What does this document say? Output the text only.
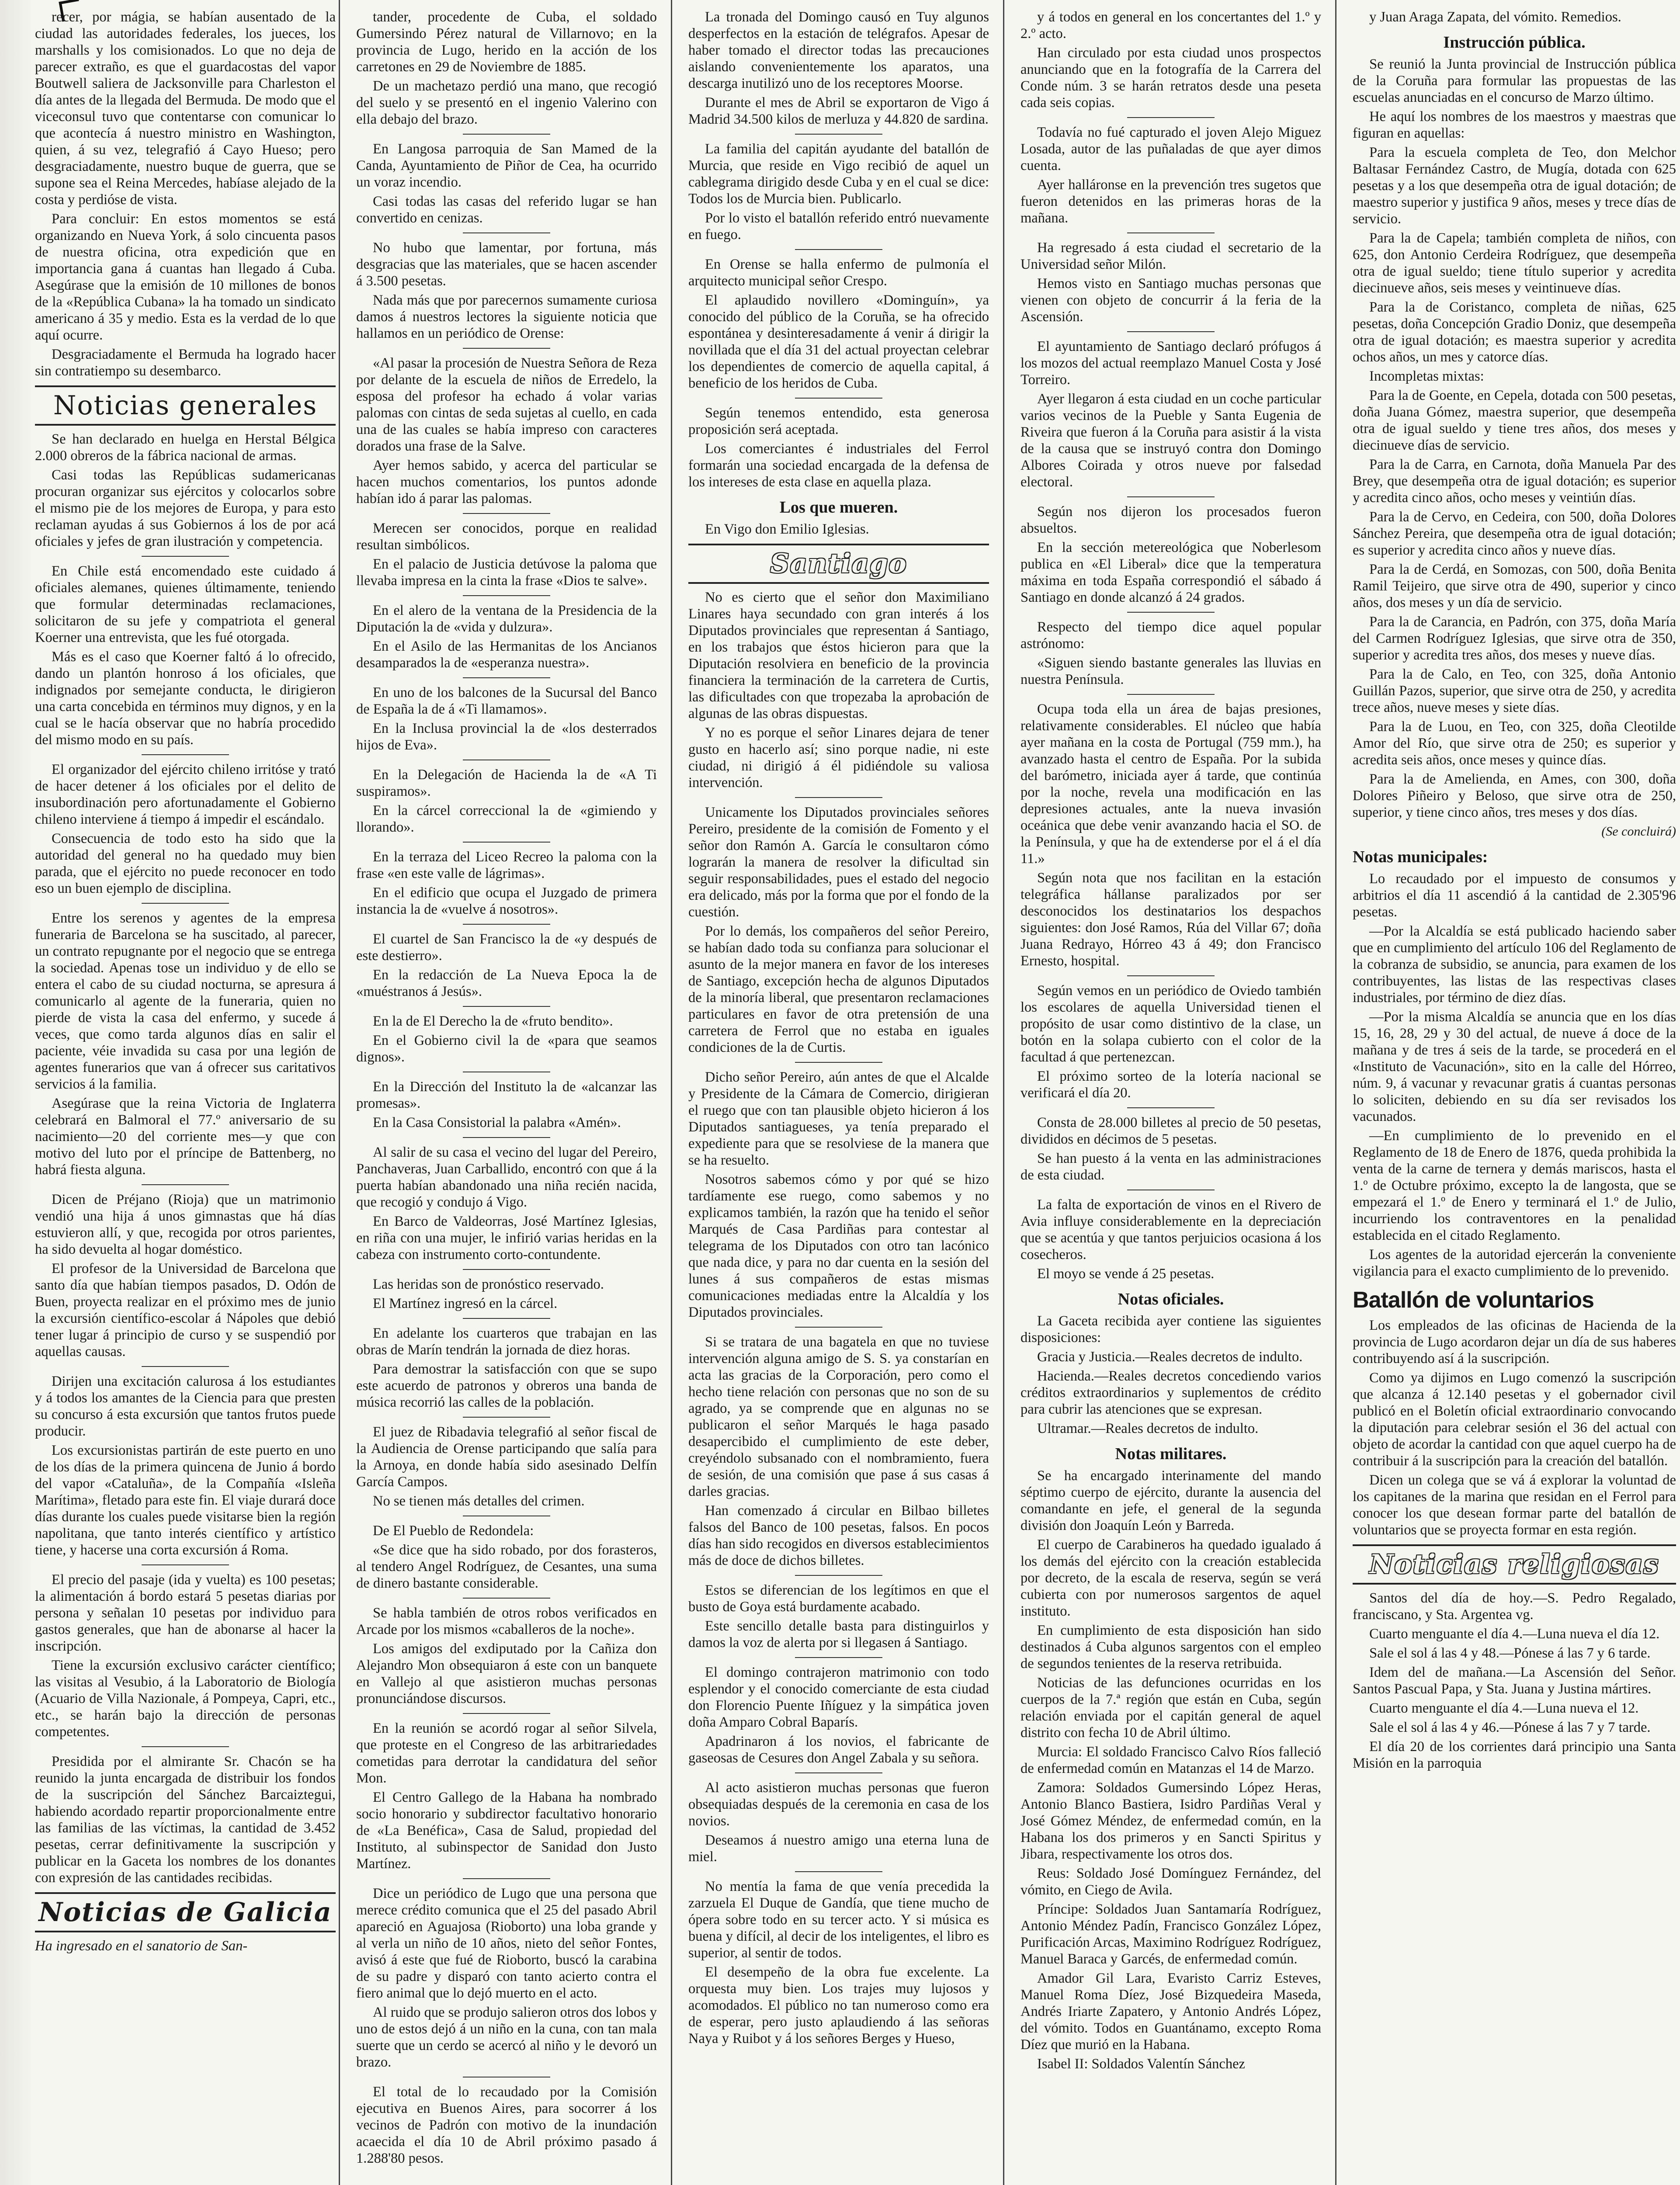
recer, por mágia, se habían ausentado de la ciudad las autoridades federales, los jueces, los marshalls y los comisionados. Lo que no deja de parecer extraño, es que el guardacostas del vapor Boutwell saliera de Jacksonville para Charleston el día antes de la llegada del Bermuda. De modo que el viceconsul tuvo que contentarse con comunicar lo que acontecía á nuestro ministro en Washington, quien, á su vez, telegrafió á Cayo Hueso; pero desgraciadamente, nuestro buque de guerra, que se supone sea el Reina Mercedes, habíase alejado de la costa y perdióse de vista.

Para concluir: En estos momentos se está organizando en Nueva York, á solo cincuenta pasos de nuestra oficina, otra expedición que en importancia gana á cuantas han llegado á Cuba. Asegúrase que la emisión de 10 millones de bonos de la «República Cubana» la ha tomado un sindicato americano á 35 y medio. Esta es la verdad de lo que aquí ocurre.

Desgraciadamente el Bermuda ha logrado hacer sin contratiempo su desembarco.

Noticias generales

Se han declarado en huelga en Herstal Bélgica 2.000 obreros de la fábrica nacional de armas.

Casi todas las Repúblicas sudamericanas procuran organizar sus ejércitos y colocarlos sobre el mismo pie de los mejores de Europa, y para esto reclaman ayudas á sus Gobiernos á los de por acá oficiales y jefes de gran ilustración y competencia.

En Chile está encomendado este cuidado á oficiales alemanes, quienes últimamente, teniendo que formular determinadas reclamaciones, solicitaron de su jefe y compatriota el general Koerner una entrevista, que les fué otorgada.

Más es el caso que Koerner faltó á lo ofrecido, dando un plantón honroso á los oficiales, que indignados por semejante conducta, le dirigieron una carta concebida en términos muy dignos, y en la cual se le hacía observar que no habría procedido del mismo modo en su país.

El organizador del ejército chileno irritóse y trató de hacer detener á los oficiales por el delito de insubordinación pero afortunadamente el Gobierno chileno interviene á tiempo á impedir el escándalo.

Consecuencia de todo esto ha sido que la autoridad del general no ha quedado muy bien parada, que el ejército no puede reconocer en todo eso un buen ejemplo de disciplina.

Entre los serenos y agentes de la empresa funeraria de Barcelona se ha suscitado, al parecer, un contrato repugnante por el negocio que se entrega la sociedad. Apenas tose un individuo y de ello se entera el cabo de su ciudad nocturna, se apresura á comunicarlo al agente de la funeraria, quien no pierde de vista la casa del enfermo, y sucede á veces, que como tarda algunos días en salir el paciente, véie invadida su casa por una legión de agentes funerarios que van á ofrecer sus caritativos servicios á la familia.

Asegúrase que la reina Victoria de Inglaterra celebrará en Balmoral el 77.º aniversario de su nacimiento—20 del corriente mes—y que con motivo del luto por el príncipe de Battenberg, no habrá fiesta alguna.

Dicen de Préjano (Rioja) que un matrimonio vendió una hija á unos gimnastas que há días estuvieron allí, y que, recogida por otros parientes, ha sido devuelta al hogar doméstico.

El profesor de la Universidad de Barcelona que santo día que habían tiempos pasados, D. Odón de Buen, proyecta realizar en el próximo mes de junio la excursión científico-escolar á Nápoles que debió tener lugar á principio de curso y se suspendió por aquellas causas.

Dirijen una excitación calurosa á los estudiantes y á todos los amantes de la Ciencia para que presten su concurso á esta excursión que tantos frutos puede producir.

Los excursionistas partirán de este puerto en uno de los días de la primera quincena de Junio á bordo del vapor «Cataluña», de la Compañía «Isleña Marítima», fletado para este fin. El viaje durará doce días durante los cuales puede visitarse bien la región napolitana, que tanto interés científico y artístico tiene, y hacerse una corta excursión á Roma.

El precio del pasaje (ida y vuelta) es 100 pesetas; la alimentación á bordo estará 5 pesetas diarias por persona y señalan 10 pesetas por individuo para gastos generales, que han de abonarse al hacer la inscripción.

Tiene la excursión exclusivo carácter científico; las visitas al Vesubio, á la Laboratorio de Biología (Acuario de Villa Nazionale, á Pompeya, Capri, etc., etc., se harán bajo la dirección de personas competentes.

Presidida por el almirante Sr. Chacón se ha reunido la junta encargada de distribuir los fondos de la suscripción del Sánchez Barcaiztegui, habiendo acordado repartir proporcionalmente entre las familias de las víctimas, la cantidad de 3.452 pesetas, cerrar definitivamente la suscripción y publicar en la Gaceta los nombres de los donantes con expresión de las cantidades recibidas.

Noticias de Galicia

Ha ingresado en el sanatorio de San-

tander, procedente de Cuba, el soldado Gumersindo Pérez natural de Villarnovo; en la provincia de Lugo, herido en la acción de los carretones en 29 de Noviembre de 1885.

De un machetazo perdió una mano, que recogió del suelo y se presentó en el ingenio Valerino con ella debajo del brazo.

En Langosa parroquia de San Mamed de la Canda, Ayuntamiento de Piñor de Cea, ha ocurrido un voraz incendio.

Casi todas las casas del referido lugar se han convertido en cenizas.

No hubo que lamentar, por fortuna, más desgracias que las materiales, que se hacen ascender á 3.500 pesetas.

Nada más que por parecernos sumamente curiosa damos á nuestros lectores la siguiente noticia que hallamos en un periódico de Orense:

«Al pasar la procesión de Nuestra Señora de Reza por delante de la escuela de niños de Erredelo, la esposa del profesor ha echado á volar varias palomas con cintas de seda sujetas al cuello, en cada una de las cuales se había impreso con caracteres dorados una frase de la Salve.

Ayer hemos sabido, y acerca del particular se hacen muchos comentarios, los puntos adonde habían ido á parar las palomas.

Merecen ser conocidos, porque en realidad resultan simbólicos.

En el palacio de Justicia detúvose la paloma que llevaba impresa en la cinta la frase «Dios te salve».

En el alero de la ventana de la Presidencia de la Diputación la de «vida y dulzura».

En el Asilo de las Hermanitas de los Ancianos desamparados la de «esperanza nuestra».

En uno de los balcones de la Sucursal del Banco de España la de á «Ti llamamos».

En la Inclusa provincial la de «los desterrados hijos de Eva».

En la Delegación de Hacienda la de «A Ti suspiramos».

En la cárcel correccional la de «gimiendo y llorando».

En la terraza del Liceo Recreo la paloma con la frase «en este valle de lágrimas».

En el edificio que ocupa el Juzgado de primera instancia la de «vuelve á nosotros».

El cuartel de San Francisco la de «y después de este destierro».

En la redacción de La Nueva Epoca la de «muéstranos á Jesús».

En la de El Derecho la de «fruto bendito».

En el Gobierno civil la de «para que seamos dignos».

En la Dirección del Instituto la de «alcanzar las promesas».

En la Casa Consistorial la palabra «Amén».

Al salir de su casa el vecino del lugar del Pereiro, Panchaveras, Juan Carballido, encontró con que á la puerta habían abandonado una niña recién nacida, que recogió y condujo á Vigo.

En Barco de Valdeorras, José Martínez Iglesias, en riña con una mujer, le infirió varias heridas en la cabeza con instrumento corto-contundente.

Las heridas son de pronóstico reservado.

El Martínez ingresó en la cárcel.

En adelante los cuarteros que trabajan en las obras de Marín tendrán la jornada de diez horas.

Para demostrar la satisfacción con que se supo este acuerdo de patronos y obreros una banda de música recorrió las calles de la población.

El juez de Ribadavia telegrafió al señor fiscal de la Audiencia de Orense participando que salía para la Arnoya, en donde había sido asesinado Delfín García Campos.

No se tienen más detalles del crimen.

De El Pueblo de Redondela:

«Se dice que ha sido robado, por dos forasteros, al tendero Angel Rodríguez, de Cesantes, una suma de dinero bastante considerable.

Se habla también de otros robos verificados en Arcade por los mismos «caballeros de la noche».

Los amigos del exdiputado por la Cañiza don Alejandro Mon obsequiaron á este con un banquete en Vallejo al que asistieron muchas personas pronunciándose discursos.

En la reunión se acordó rogar al señor Silvela, que proteste en el Congreso de las arbitrariedades cometidas para derrotar la candidatura del señor Mon.

El Centro Gallego de la Habana ha nombrado socio honorario y subdirector facultativo honorario de «La Benéfica», Casa de Salud, propiedad del Instituto, al subinspector de Sanidad don Justo Martínez.

Dice un periódico de Lugo que una persona que merece crédito comunica que el 25 del pasado Abril apareció en Aguajosa (Rioborto) una loba grande y al verla un niño de 10 años, nieto del señor Fontes, avisó á este que fué de Rioborto, buscó la carabina de su padre y disparó con tanto acierto contra el fiero animal que lo dejó muerto en el acto.

Al ruido que se produjo salieron otros dos lobos y uno de estos dejó á un niño en la cuna, con tan mala suerte que un cerdo se acercó al niño y le devoró un brazo.

El total de lo recaudado por la Comisión ejecutiva en Buenos Aires, para socorrer á los vecinos de Padrón con motivo de la inundación acaecida el día 10 de Abril próximo pasado á 1.288'80 pesos.

La tronada del Domingo causó en Tuy algunos desperfectos en la estación de telégrafos. Apesar de haber tomado el director todas las precauciones aislando convenientemente los aparatos, una descarga inutilizó uno de los receptores Moorse.

Durante el mes de Abril se exportaron de Vigo á Madrid 34.500 kilos de merluza y 44.820 de sardina.

La familia del capitán ayudante del batallón de Murcia, que reside en Vigo recibió de aquel un cablegrama dirigido desde Cuba y en el cual se dice: Todos los de Murcia bien. Publicarlo.

Por lo visto el batallón referido entró nuevamente en fuego.

En Orense se halla enfermo de pulmonía el arquitecto municipal señor Crespo.

El aplaudido novillero «Dominguín», ya conocido del público de la Coruña, se ha ofrecido espontánea y desinteresadamente á venir á dirigir la novillada que el día 31 del actual proyectan celebrar los dependientes de comercio de aquella capital, á beneficio de los heridos de Cuba.

Según tenemos entendido, esta generosa proposición será aceptada.

Los comerciantes é industriales del Ferrol formarán una sociedad encargada de la defensa de los intereses de esta clase en aquella plaza.

Los que mueren.

En Vigo don Emilio Iglesias.

Santiago

No es cierto que el señor don Maximiliano Linares haya secundado con gran interés á los Diputados provinciales que representan á Santiago, en los trabajos que éstos hicieron para que la Diputación resolviera en beneficio de la provincia financiera la terminación de la carretera de Curtis, las dificultades con que tropezaba la aprobación de algunas de las obras dispuestas.

Y no es porque el señor Linares dejara de tener gusto en hacerlo así; sino porque nadie, ni este ciudad, ni dirigió á él pidiéndole su valiosa intervención.

Unicamente los Diputados provinciales señores Pereiro, presidente de la comisión de Fomento y el señor don Ramón A. García le consultaron cómo lograrán la manera de resolver la dificultad sin seguir responsabilidades, pues el estado del negocio era delicado, más por la forma que por el fondo de la cuestión.

Por lo demás, los compañeros del señor Pereiro, se habían dado toda su confianza para solucionar el asunto de la mejor manera en favor de los intereses de Santiago, excepción hecha de algunos Diputados de la minoría liberal, que presentaron reclamaciones particulares en favor de otra pretensión de una carretera de Ferrol que no estaba en iguales condiciones de la de Curtis.

Dicho señor Pereiro, aún antes de que el Alcalde y Presidente de la Cámara de Comercio, dirigieran el ruego que con tan plausible objeto hicieron á los Diputados santiagueses, ya tenía preparado el expediente para que se resolviese de la manera que se ha resuelto.

Nosotros sabemos cómo y por qué se hizo tardíamente ese ruego, como sabemos y no explicamos también, la razón que ha tenido el señor Marqués de Casa Pardiñas para contestar al telegrama de los Diputados con otro tan lacónico que nada dice, y para no dar cuenta en la sesión del lunes á sus compañeros de estas mismas comunicaciones mediadas entre la Alcaldía y los Diputados provinciales.

Si se tratara de una bagatela en que no tuviese intervención alguna amigo de S. S. ya constarían en acta las gracias de la Corporación, pero como el hecho tiene relación con personas que no son de su agrado, ya se comprende que en algunas no se publicaron el señor Marqués le haga pasado desapercibido el cumplimiento de este deber, creyéndolo subsanado con el nombramiento, fuera de sesión, de una comisión que pase á sus casas á darles gracias.

Han comenzado á circular en Bilbao billetes falsos del Banco de 100 pesetas, falsos. En pocos días han sido recogidos en diversos establecimientos más de doce de dichos billetes.

Estos se diferencian de los legítimos en que el busto de Goya está burdamente acabado.

Este sencillo detalle basta para distinguirlos y damos la voz de alerta por si llegasen á Santiago.

El domingo contrajeron matrimonio con todo esplendor y el conocido comerciante de esta ciudad don Florencio Puente Iñíguez y la simpática joven doña Amparo Cobral Baparís.

Apadrinaron á los novios, el fabricante de gaseosas de Cesures don Angel Zabala y su señora.

Al acto asistieron muchas personas que fueron obsequiadas después de la ceremonia en casa de los novios.

Deseamos á nuestro amigo una eterna luna de miel.

No mentía la fama de que venía precedida la zarzuela El Duque de Gandía, que tiene mucho de ópera sobre todo en su tercer acto. Y si música es buena y difícil, al decir de los inteligentes, el libro es superior, al sentir de todos.

El desempeño de la obra fue excelente. La orquesta muy bien. Los trajes muy lujosos y acomodados. El público no tan numeroso como era de esperar, pero justo aplaudiendo á las señoras Naya y Ruibot y á los señores Berges y Hueso,

y á todos en general en los concertantes del 1.º y 2.º acto.

Han circulado por esta ciudad unos prospectos anunciando que en la fotografía de la Carrera del Conde núm. 3 se harán retratos desde una peseta cada seis copias.

Todavía no fué capturado el joven Alejo Miguez Losada, autor de las puñaladas de que ayer dimos cuenta.

Ayer halláronse en la prevención tres sugetos que fueron detenidos en las primeras horas de la mañana.

Ha regresado á esta ciudad el secretario de la Universidad señor Milón.

Hemos visto en Santiago muchas personas que vienen con objeto de concurrir á la feria de la Ascensión.

El ayuntamiento de Santiago declaró prófugos á los mozos del actual reemplazo Manuel Costa y José Torreiro.

Ayer llegaron á esta ciudad en un coche particular varios vecinos de la Pueble y Santa Eugenia de Riveira que fueron á la Coruña para asistir á la vista de la causa que se instruyó contra don Domingo Albores Coirada y otros nueve por falsedad electoral.

Según nos dijeron los procesados fueron absueltos.

En la sección metereológica que Noberlesom publica en «El Liberal» dice que la temperatura máxima en toda España correspondió el sábado á Santiago en donde alcanzó á 24 grados.

Respecto del tiempo dice aquel popular astrónomo:

«Siguen siendo bastante generales las lluvias en nuestra Península.

Ocupa toda ella un área de bajas presiones, relativamente considerables. El núcleo que había ayer mañana en la costa de Portugal (759 mm.), ha avanzado hasta el centro de España. Por la subida del barómetro, iniciada ayer á tarde, que continúa por la noche, revela una modificación en las depresiones actuales, ante la nueva invasión oceánica que debe venir avanzando hacia el SO. de la Península, y que ha de extenderse por el á el día 11.»

Según nota que nos facilitan en la estación telegráfica hállanse paralizados por ser desconocidos los destinatarios los despachos siguientes: don José Ramos, Rúa del Villar 67; doña Juana Redrayo, Hórreo 43 á 49; don Francisco Ernesto, hospital.

Según vemos en un periódico de Oviedo también los escolares de aquella Universidad tienen el propósito de usar como distintivo de la clase, un botón en la solapa cubierto con el color de la facultad á que pertenezcan.

El próximo sorteo de la lotería nacional se verificará el día 20.

Consta de 28.000 billetes al precio de 50 pesetas, divididos en décimos de 5 pesetas.

Se han puesto á la venta en las administraciones de esta ciudad.

La falta de exportación de vinos en el Rivero de Avia influye considerablemente en la depreciación que se acentúa y que tantos perjuicios ocasiona á los cosecheros.

El moyo se vende á 25 pesetas.

Notas oficiales.

La Gaceta recibida ayer contiene las siguientes disposiciones:

Gracia y Justicia.—Reales decretos de indulto.

Hacienda.—Reales decretos concediendo varios créditos extraordinarios y suplementos de crédito para cubrir las atenciones que se expresan.

Ultramar.—Reales decretos de indulto.

Notas militares.

Se ha encargado interinamente del mando séptimo cuerpo de ejército, durante la ausencia del comandante en jefe, el general de la segunda división don Joaquín León y Barreda.

El cuerpo de Carabineros ha quedado igualado á los demás del ejército con la creación establecida por decreto, de la escala de reserva, según se verá cubierta con por numerosos sargentos de aquel instituto.

En cumplimiento de esta disposición han sido destinados á Cuba algunos sargentos con el empleo de segundos tenientes de la reserva retribuida.

Noticias de las defunciones ocurridas en los cuerpos de la 7.ª región que están en Cuba, según relación enviada por el capitán general de aquel distrito con fecha 10 de Abril último.

Murcia: El soldado Francisco Calvo Ríos falleció de enfermedad común en Matanzas el 14 de Marzo.

Zamora: Soldados Gumersindo López Heras, Antonio Blanco Bastiera, Isidro Pardiñas Veral y José Gómez Méndez, de enfermedad común, en la Habana los dos primeros y en Sancti Spiritus y Jibara, respectivamente los otros dos.

Reus: Soldado José Domínguez Fernández, del vómito, en Ciego de Avila.

Príncipe: Soldados Juan Santamaría Rodríguez, Antonio Méndez Padín, Francisco González López, Purificación Arcas, Maximino Rodríguez Rodríguez, Manuel Baraca y Garcés, de enfermedad común.

Amador Gil Lara, Evaristo Carriz Esteves, Manuel Roma Díez, José Bizquedeira Maseda, Andrés Iriarte Zapatero, y Antonio Andrés López, del vómito. Todos en Guantánamo, excepto Roma Díez que murió en la Habana.

Isabel II: Soldados Valentín Sánchez

y Juan Araga Zapata, del vómito. Remedios.

Instrucción pública.

Se reunió la Junta provincial de Instrucción pública de la Coruña para formular las propuestas de las escuelas anunciadas en el concurso de Marzo último.

He aquí los nombres de los maestros y maestras que figuran en aquellas:

Para la escuela completa de Teo, don Melchor Baltasar Fernández Castro, de Mugía, dotada con 625 pesetas y a los que desempeña otra de igual dotación; de maestro superior y justifica 9 años, meses y trece días de servicio.

Para la de Capela; también completa de niños, con 625, don Antonio Cerdeira Rodríguez, que desempeña otra de igual sueldo; tiene título superior y acredita diecinueve años, seis meses y veintinueve días.

Para la de Coristanco, completa de niñas, 625 pesetas, doña Concepción Gradio Doniz, que desempeña otra de igual dotación; es maestra superior y acredita ochos años, un mes y catorce días.

Incompletas mixtas:

Para la de Goente, en Cepela, dotada con 500 pesetas, doña Juana Gómez, maestra superior, que desempeña otra de igual sueldo y tiene tres años, dos meses y diecinueve días de servicio.

Para la de Carra, en Carnota, doña Manuela Par des Brey, que desempeña otra de igual dotación; es superior y acredita cinco años, ocho meses y veintiún días.

Para la de Cervo, en Cedeira, con 500, doña Dolores Sánchez Pereira, que desempeña otra de igual dotación; es superior y acredita cinco años y nueve días.

Para la de Cerdá, en Somozas, con 500, doña Benita Ramil Teijeiro, que sirve otra de 490, superior y cinco años, dos meses y un día de servicio.

Para la de Carancia, en Padrón, con 375, doña María del Carmen Rodríguez Iglesias, que sirve otra de 350, superior y acredita tres años, dos meses y nueve días.

Para la de Calo, en Teo, con 325, doña Antonio Guillán Pazos, superior, que sirve otra de 250, y acredita trece años, nueve meses y siete días.

Para la de Luou, en Teo, con 325, doña Cleotilde Amor del Río, que sirve otra de 250; es superior y acredita seis años, once meses y quince días.

Para la de Amelienda, en Ames, con 300, doña Dolores Piñeiro y Beloso, que sirve otra de 250, superior, y tiene cinco años, tres meses y dos días.

(Se concluirá)

Notas municipales:

Lo recaudado por el impuesto de consumos y arbitrios el día 11 ascendió á la cantidad de 2.305'96 pesetas.

—Por la Alcaldía se está publicado haciendo saber que en cumplimiento del artículo 106 del Reglamento de la cobranza de subsidio, se anuncia, para examen de los contribuyentes, las listas de las respectivas clases industriales, por término de diez días.

—Por la misma Alcaldía se anuncia que en los días 15, 16, 28, 29 y 30 del actual, de nueve á doce de la mañana y de tres á seis de la tarde, se procederá en el «Instituto de Vacunación», sito en la calle del Hórreo, núm. 9, á vacunar y revacunar gratis á cuantas personas lo soliciten, debiendo en su día ser revisados los vacunados.

—En cumplimiento de lo prevenido en el Reglamento de 18 de Enero de 1876, queda prohibida la venta de la carne de ternera y demás mariscos, hasta el 1.º de Octubre próximo, excepto la de langosta, que se empezará el 1.º de Enero y terminará el 1.º de Julio, incurriendo los contraventores en la penalidad establecida en el citado Reglamento.

Los agentes de la autoridad ejercerán la conveniente vigilancia para el exacto cumplimiento de lo prevenido.

Batallón de voluntarios

Los empleados de las oficinas de Hacienda de la provincia de Lugo acordaron dejar un día de sus haberes contribuyendo así á la suscripción.

Como ya dijimos en Lugo comenzó la suscripción que alcanza á 12.140 pesetas y el gobernador civil publicó en el Boletín oficial extraordinario convocando la diputación para celebrar sesión el 36 del actual con objeto de acordar la cantidad con que aquel cuerpo ha de contribuir á la suscripción para la creación del batallón.

Dicen un colega que se vá á explorar la voluntad de los capitanes de la marina que residan en el Ferrol para conocer los que desean formar parte del batallón de voluntarios que se proyecta formar en esta región.

Noticias religiosas

Santos del día de hoy.—S. Pedro Regalado, franciscano, y Sta. Argentea vg.

Cuarto menguante el día 4.—Luna nueva el día 12.

Sale el sol á las 4 y 48.—Pónese á las 7 y 6 tarde.

Idem del de mañana.—La Ascensión del Señor. Santos Pascual Papa, y Sta. Juana y Justina mártires.

Cuarto menguante el día 4.—Luna nueva el 12.

Sale el sol á las 4 y 46.—Pónese á las 7 y 7 tarde.

El día 20 de los corrientes dará principio una Santa Misión en la parroquia
